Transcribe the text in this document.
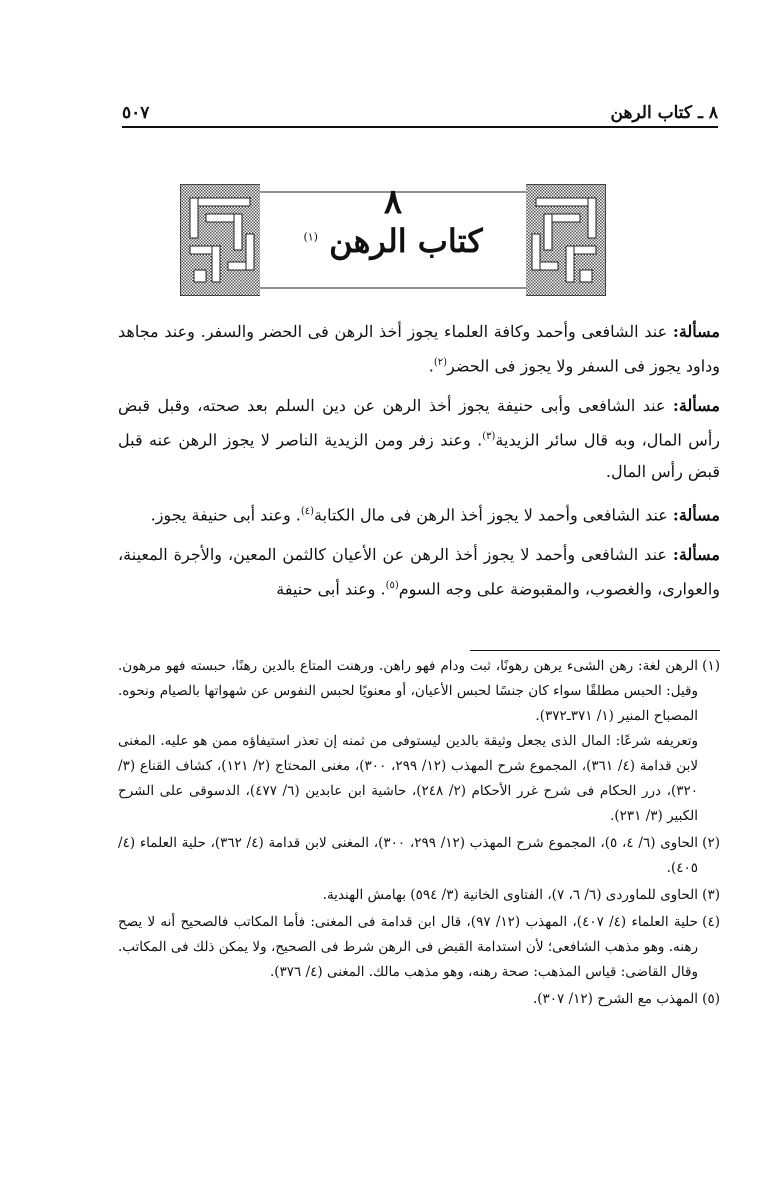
٨ ـ كتاب الرهن
٥٠٧
٨
كتاب الرهن $^{(١)}$

مسألة: عند الشافعى وأحمد وكافة العلماء يجوز أخذ الرهن فى الحضر والسفر. وعند مجاهد وداود يجوز فى السفر ولا يجوز فى الحضر$^{(٢)}$.

مسألة: عند الشافعى وأبى حنيفة يجوز أخذ الرهن عن دين السلم بعد صحته، وقبل قبض رأس المال، وبه قال سائر الزيدية$^{(٣)}$. وعند زفر ومن الزيدية الناصر لا يجوز الرهن عنه قبل قبض رأس المال.

مسألة: عند الشافعى وأحمد لا يجوز أخذ الرهن فى مال الكتابة$^{(٤)}$. وعند أبى حنيفة يجوز.

مسألة: عند الشافعى وأحمد لا يجوز أخذ الرهن عن الأعيان كالثمن المعين، والأجرة المعينة، والعوارى، والغصوب، والمقبوضة على وجه السوم$^{(٥)}$. وعند أبى حنيفة

(١)
الرهن لغة: رهن الشىء يرهن رهونًا، ثبت ودام فهو راهن. ورهنت المتاع بالدين رهنًا، حبسته فهو مرهون. وقيل: الحبس مطلقًا سواء كان جنسًا لحبس الأعيان، أو معنويًا لحبس النفوس عن شهواتها بالصيام ونحوه. المصباح المنير (١/ ٣٧١ـ٣٧٢).
وتعريفه شرعًا: المال الذى يجعل وثيقة بالدين ليستوفى من ثمنه إن تعذر استيفاؤه ممن هو عليه. المغنى لابن قدامة (٤/ ٣٦١)، المجموع شرح المهذب (١٢/ ٢٩٩، ٣٠٠)، مغنى المحتاج (٢/ ١٢١)، كشاف القناع (٣/ ٣٢٠)، درر الحكام فى شرح غرر الأحكام (٢/ ٢٤٨)، حاشية ابن عابدين (٦/ ٤٧٧)، الدسوقى على الشرح الكبير (٣/ ٢٣١).
(٢)
الحاوى (٦/ ٤، ٥)، المجموع شرح المهذب (١٢/ ٢٩٩، ٣٠٠)، المغنى لابن قدامة (٤/ ٣٦٢)، حلية العلماء (٤/ ٤٠٥).
(٣)
الحاوى للماوردى (٦/ ٦، ٧)، الفتاوى الخانية (٣/ ٥٩٤) بهامش الهندية.
(٤)
حلية العلماء (٤/ ٤٠٧)، المهذب (١٢/ ٩٧)، قال ابن قدامة فى المغنى: فأما المكاتب فالصحيح أنه لا يصح رهنه. وهو مذهب الشافعى؛ لأن استدامة القبض فى الرهن شرط فى الصحيح، ولا يمكن ذلك فى المكاتب. وقال القاضى: قياس المذهب: صحة رهنه، وهو مذهب مالك. المغنى (٤/ ٣٧٦).
(٥)
المهذب مع الشرح (١٢/ ٣٠٧).
